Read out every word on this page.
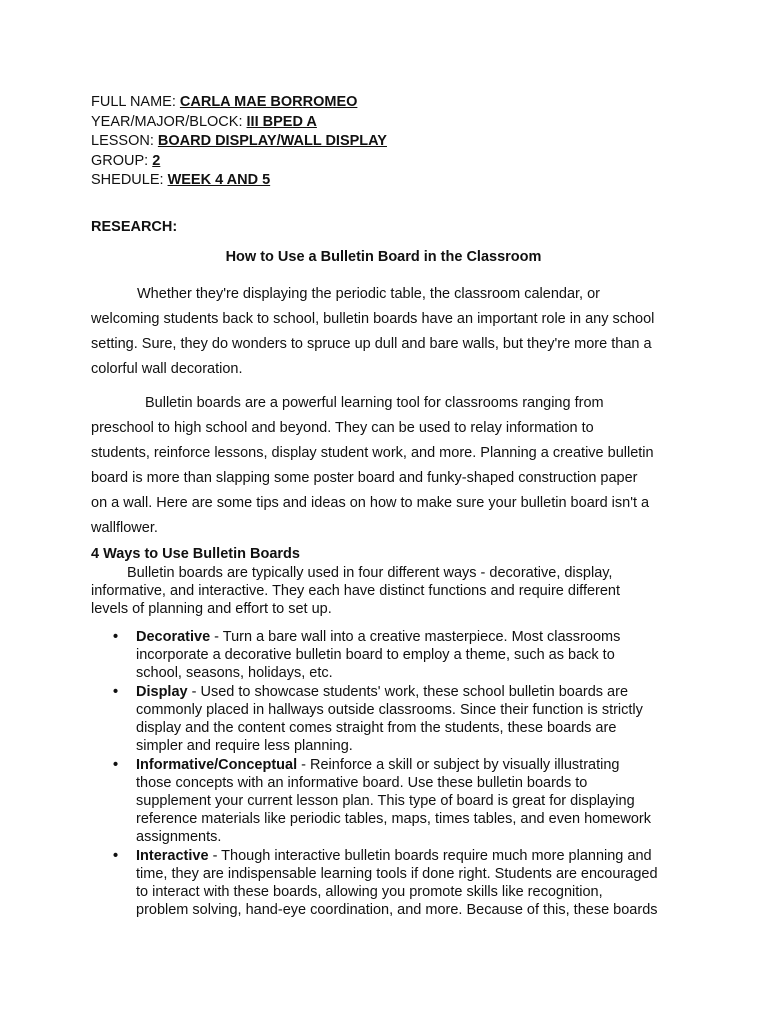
FULL NAME: CARLA MAE BORROMEO
YEAR/MAJOR/BLOCK: III BPED A
LESSON: BOARD DISPLAY/WALL DISPLAY
GROUP: 2
SHEDULE: WEEK 4 AND 5
RESEARCH:
How to Use a Bulletin Board in the Classroom

Whether they're displaying the periodic table, the classroom calendar, or
welcoming students back to school, bulletin boards have an important role in any school
setting. Sure, they do wonders to spruce up dull and bare walls, but they're more than a
colorful wall decoration.

Bulletin boards are a powerful learning tool for classrooms ranging from
preschool to high school and beyond. They can be used to relay information to
students, reinforce lessons, display student work, and more. Planning a creative bulletin
board is more than slapping some poster board and funky-shaped construction paper
on a wall. Here are some tips and ideas on how to make sure your bulletin board isn't a
wallflower.

4 Ways to Use Bulletin Boards
Bulletin boards are typically used in four different ways - decorative, display,
informative, and interactive. They each have distinct functions and require different
levels of planning and effort to set up.
• Decorative - Turn a bare wall into a creative masterpiece. Most classrooms
incorporate a decorative bulletin board to employ a theme, such as back to
school, seasons, holidays, etc.
• Display - Used to showcase students' work, these school bulletin boards are
commonly placed in hallways outside classrooms. Since their function is strictly
display and the content comes straight from the students, these boards are
simpler and require less planning.
• Informative/Conceptual - Reinforce a skill or subject by visually illustrating
those concepts with an informative board. Use these bulletin boards to
supplement your current lesson plan. This type of board is great for displaying
reference materials like periodic tables, maps, times tables, and even homework
assignments.
• Interactive - Though interactive bulletin boards require much more planning and
time, they are indispensable learning tools if done right. Students are encouraged
to interact with these boards, allowing you promote skills like recognition,
problem solving, hand-eye coordination, and more. Because of this, these boards
